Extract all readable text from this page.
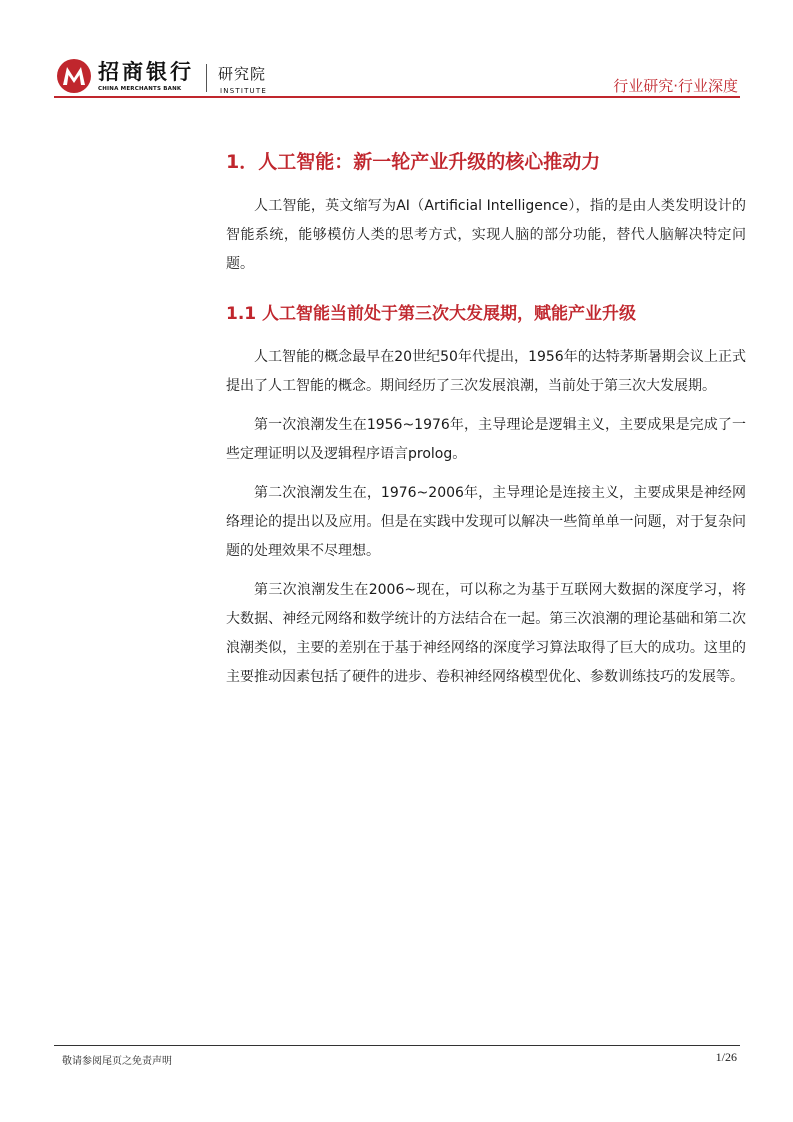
招商银行
CHINA MERCHANTS BANK
研究院
INSTITUTE	行业研究·行业深度
1．人工智能：新一轮产业升级的核心推动力

人工智能，英文缩写为AI（Artificial Intelligence），指的是由人类发明设计的智能系统，能够模仿人类的思考方式，实现人脑的部分功能，替代人脑解决特定问题。

1.1 人工智能当前处于第三次大发展期，赋能产业升级

人工智能的概念最早在20世纪50年代提出，1956年的达特茅斯暑期会议上正式提出了人工智能的概念。期间经历了三次发展浪潮，当前处于第三次大发展期。

第一次浪潮发生在1956~1976年，主导理论是逻辑主义，主要成果是完成了一些定理证明以及逻辑程序语言prolog。

第二次浪潮发生在，1976~2006年，主导理论是连接主义，主要成果是神经网络理论的提出以及应用。但是在实践中发现可以解决一些简单单一问题，对于复杂问题的处理效果不尽理想。

第三次浪潮发生在2006~现在，可以称之为基于互联网大数据的深度学习，将大数据、神经元网络和数学统计的方法结合在一起。第三次浪潮的理论基础和第二次浪潮类似，主要的差别在于基于神经网络的深度学习算法取得了巨大的成功。这里的主要推动因素包括了硬件的进步、卷积神经网络模型优化、参数训练技巧的发展等。

敬请参阅尾页之免责声明	1/26
